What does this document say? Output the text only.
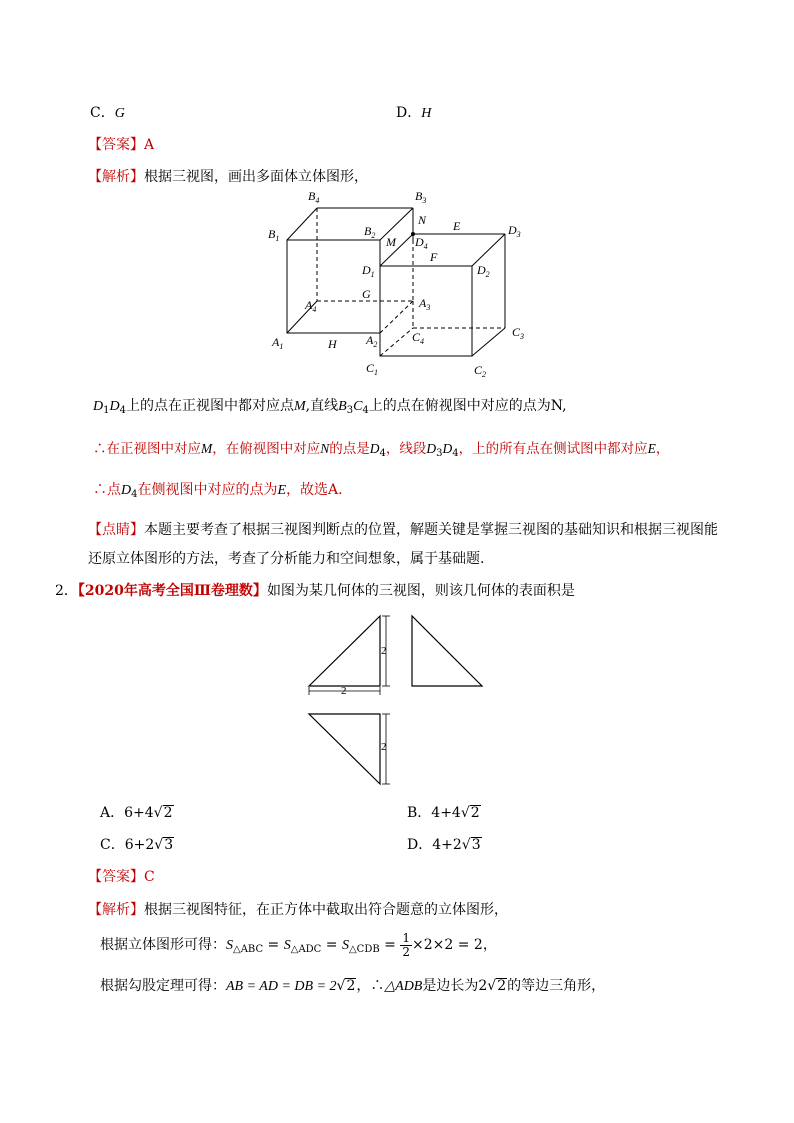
C．G	D．H
【答案】A
【解析】根据三视图，画出多面体立体图形，
$B_4$	$B_3$
N E	$D_3$
$B_1$
$B_2$ M $D_4$
F
$D_1$	$D_2$
G
$A_4$	$A_3$
$C_3$
$A_1$	H $A_2$
$C_4$
$C_1$	$C_2$
$D_1D_4$上的点在正视图中都对应点M,直线$B_3C_4$上的点在俯视图中对应的点为N,
∴在正视图中对应M，在俯视图中对应N的点是$D_4$，线段$D_3D_4$，上的所有点在侧试图中都对应E，
∴点$D_4$在侧视图中对应的点为E，故选A.
【点睛】本题主要考查了根据三视图判断点的位置，解题关键是掌握三视图的基础知识和根据三视图能
还原立体图形的方法，考查了分析能力和空间想象，属于基础题.
2．【2020年高考全国Ⅲ卷理数】如图为某几何体的三视图，则该几何体的表面积是
2
2
2
A．6+4√2	B．4+4√2
C．6+2√3	D．4+2√3
【答案】C
【解析】根据三视图特征，在正方体中截取出符合题意的立体图形，
根据立体图形可得：$S_{\triangle ABC} = S_{\triangle ADC} = S_{\triangle CDB} = \frac{1}{2} \times 2\times 2 = 2$，
根据勾股定理可得：AB = AD = DB = 2√2，∴△ADB是边长为2√2的等边三角形，
